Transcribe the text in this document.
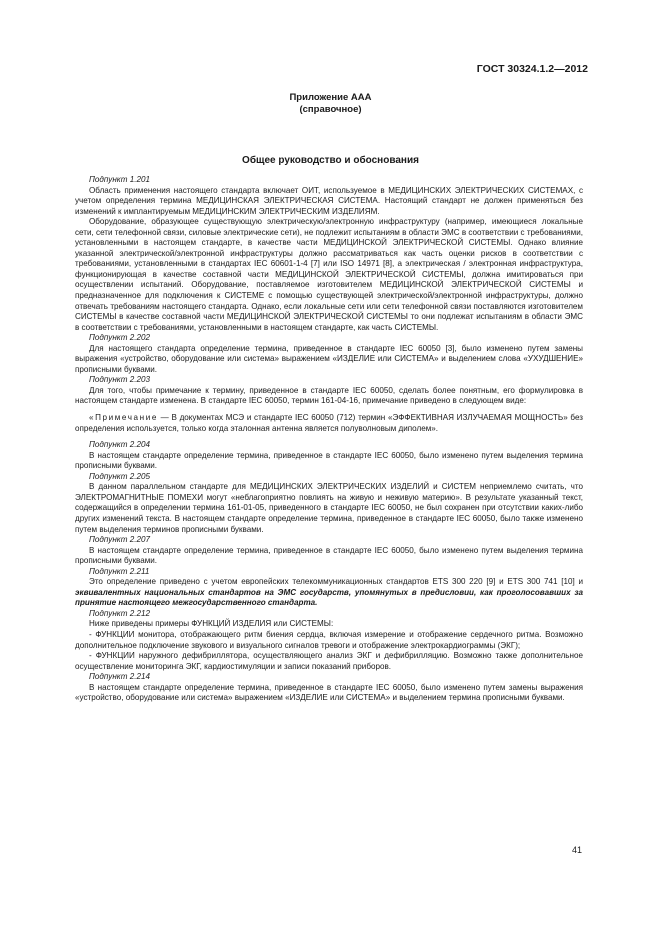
ГОСТ 30324.1.2—2012
Приложение AAA
(справочное)
Общее руководство и обоснования

Подпункт 1.201

Область применения настоящего стандарта включает ОИТ, используемое в МЕДИЦИНСКИХ ЭЛЕКТРИЧЕСКИХ СИСТЕМАХ, с учетом определения термина МЕДИЦИНСКАЯ ЭЛЕКТРИЧЕСКАЯ СИСТЕМА. Настоящий стандарт не должен применяться без изменений к имплантируемым МЕДИЦИНСКИМ ЭЛЕКТРИЧЕСКИМ ИЗДЕЛИЯМ.

Оборудование, образующее существующую электрическую/электронную инфраструктуру (например, имеющиеся локальные сети, сети телефонной связи, силовые электрические сети), не подлежит испытаниям в области ЭМС в соответствии с требованиями, установленными в настоящем стандарте, в качестве части МЕДИЦИНСКОЙ ЭЛЕКТРИЧЕСКОЙ СИСТЕМЫ. Однако влияние указанной электрической/электронной инфраструктуры должно рассматриваться как часть оценки рисков в соответствии с требованиями, установленными в стандартах IEC 60601-1-4 [7] или ISO 14971 [8], а электрическая / электронная инфраструктура, функционирующая в качестве составной части МЕДИЦИНСКОЙ ЭЛЕКТРИЧЕСКОЙ СИСТЕМЫ, должна имитироваться при осуществлении испытаний. Оборудование, поставляемое изготовителем МЕДИЦИНСКОЙ ЭЛЕКТРИЧЕСКОЙ СИСТЕМЫ и предназначенное для подключения к СИСТЕМЕ с помощью существующей электрической/электронной инфраструктуры, должно отвечать требованиям настоящего стандарта. Однако, если локальные сети или сети телефонной связи поставляются изготовителем СИСТЕМЫ в качестве составной части МЕДИЦИНСКОЙ ЭЛЕКТРИЧЕСКОЙ СИСТЕМЫ то они подлежат испытаниям в области ЭМС в соответствии с требованиями, установленными в настоящем стандарте, как часть СИСТЕМЫ.

Подпункт 2.202

Для настоящего стандарта определение термина, приведенное в стандарте IEC 60050 [3], было изменено путем замены выражения «устройство, оборудование или система» выражением «ИЗДЕЛИЕ или СИСТЕМА» и выделением слова «УХУДШЕНИЕ» прописными буквами.

Подпункт 2.203

Для того, чтобы примечание к термину, приведенное в стандарте IEC 60050, сделать более понятным, его формулировка в настоящем стандарте изменена. В стандарте IEC 60050, термин 161-04-16, примечание приведено в следующем виде:

«Примечание — В документах МСЭ и стандарте IEC 60050 (712) термин «ЭФФЕКТИВНАЯ ИЗЛУЧАЕМАЯ МОЩНОСТЬ» без определения используется, только когда эталонная антенна является полуволновым диполем».

Подпункт 2.204

В настоящем стандарте определение термина, приведенное в стандарте IEC 60050, было изменено путем выделения термина прописными буквами.

Подпункт 2.205

В данном параллельном стандарте для МЕДИЦИНСКИХ ЭЛЕКТРИЧЕСКИХ ИЗДЕЛИЙ и СИСТЕМ неприемлемо считать, что ЭЛЕКТРОМАГНИТНЫЕ ПОМЕХИ могут «неблагоприятно повлиять на живую и неживую материю». В результате указанный текст, содержащийся в определении термина 161-01-05, приведенного в стандарте IEC 60050, не был сохранен при отсутствии каких-либо других изменений текста. В настоящем стандарте определение термина, приведенное в стандарте IEC 60050, было также изменено путем выделения терминов прописными буквами.

Подпункт 2.207

В настоящем стандарте определение термина, приведенное в стандарте IEC 60050, было изменено путем выделения термина прописными буквами.

Подпункт 2.211

Это определение приведено с учетом европейских телекоммуникационных стандартов ETS 300 220 [9] и ETS 300 741 [10] и эквивалентных национальных стандартов на ЭМС государств, упомянутых в предисловии, как проголосовавших за принятие настоящего межгосударственного стандарта.

Подпункт 2.212

Ниже приведены примеры ФУНКЦИЙ ИЗДЕЛИЯ или СИСТЕМЫ:

- ФУНКЦИИ монитора, отображающего ритм биения сердца, включая измерение и отображение сердечного ритма. Возможно дополнительное подключение звукового и визуального сигналов тревоги и отображение электрокардиограммы (ЭКГ);

- ФУНКЦИИ наружного дефибриллятора, осуществляющего анализ ЭКГ и дефибрилляцию. Возможно также дополнительное осуществление мониторинга ЭКГ, кардиостимуляции и записи показаний приборов.

Подпункт 2.214

В настоящем стандарте определение термина, приведенное в стандарте IEC 60050, было изменено путем замены выражения «устройство, оборудование или система» выражением «ИЗДЕЛИЕ или СИСТЕМА» и выделением термина прописными буквами.

41
